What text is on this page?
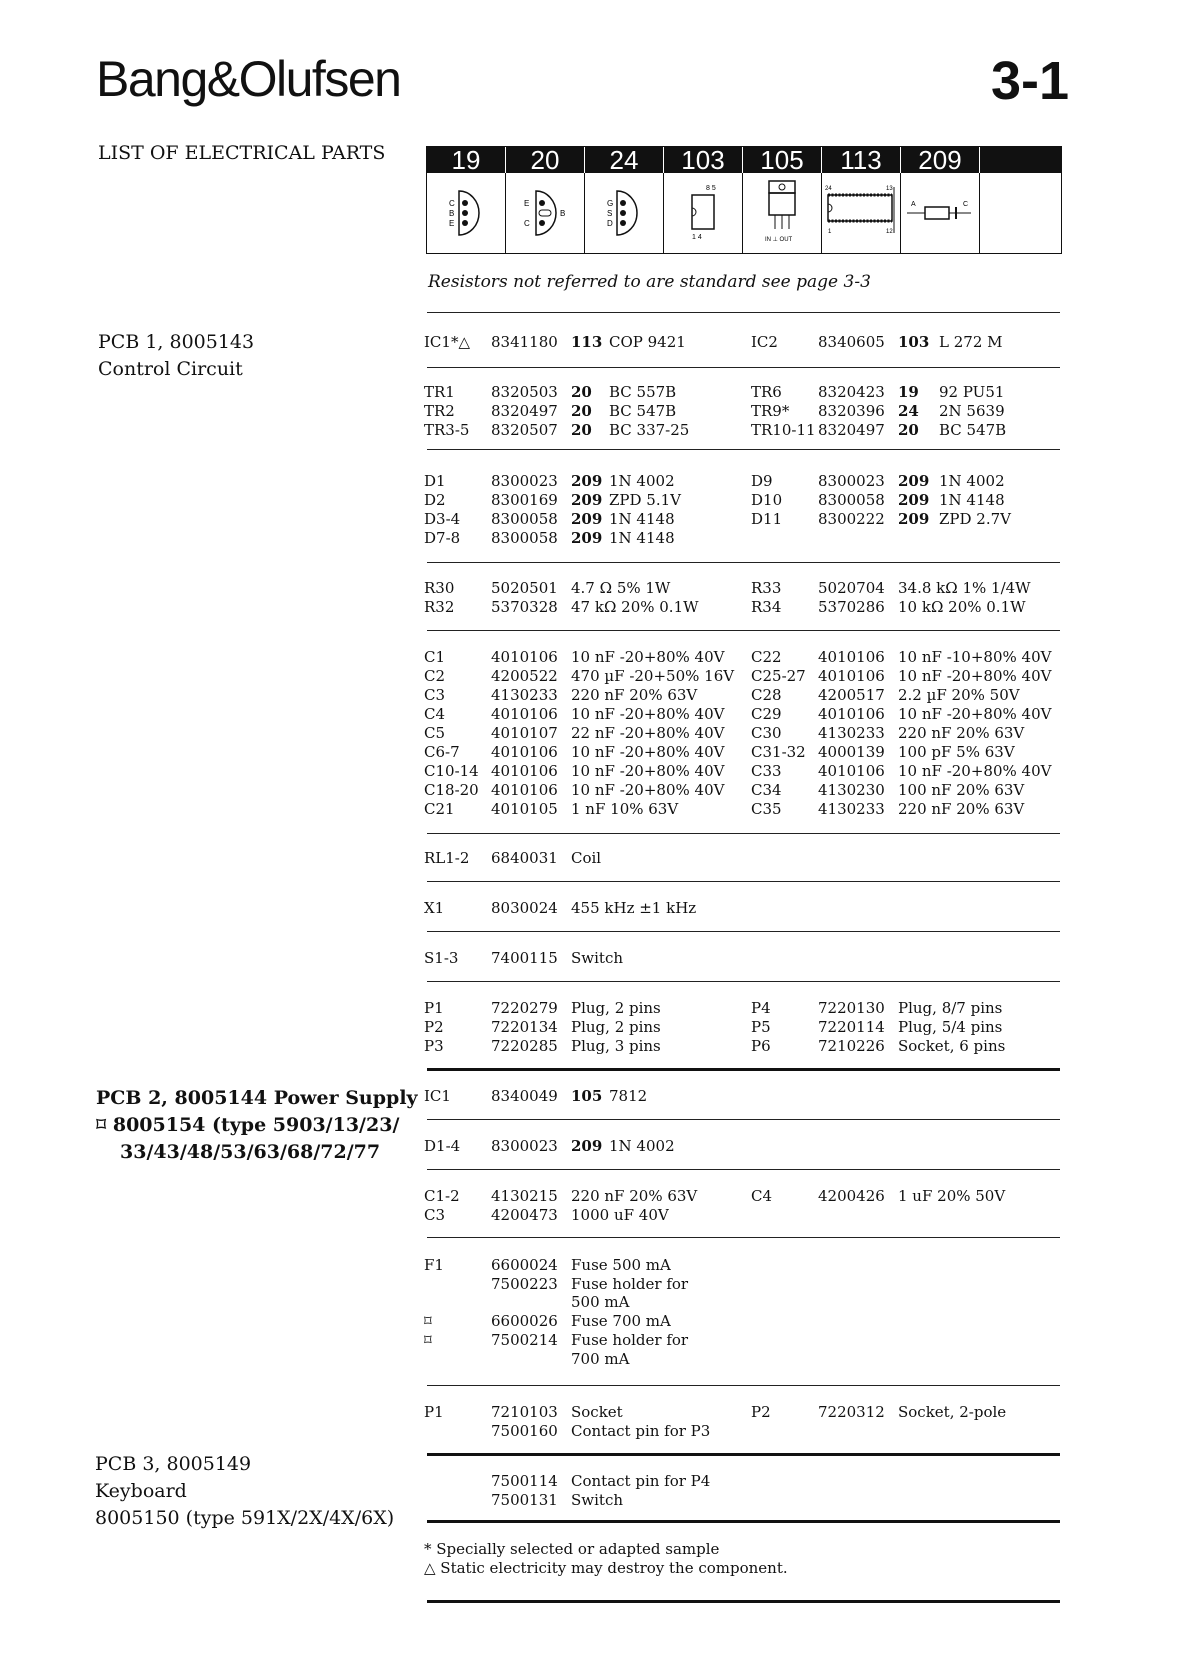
Bang&Olufsen	3-1
LIST OF ELECTRICAL PARTS	19	20	24	103	105	113	209
C
B
E
E
C
B
G
S
D
8 5
1 4	IN ⊥ OUT
24	13
1	12
A	C
Resistors not referred to are standard see page 3-3
PCB 1, 8005143
Control Circuit
PCB 2, 8005144 Power Supply
⌑ 8005154 (type 5903/13/23/
33/43/48/53/63/68/72/77
PCB 3, 8005149
Keyboard
8005150 (type 591X/2X/4X/6X)
IC1*△ 8341180 113 COP 9421	IC2	8340605 103 L 272 M
TR1 8320503 20 BC 557B	TR6 8320423 19 92 PU51
TR2 8320497 20 BC 547B	TR9* 8320396 24 2N 5639
TR3-5 8320507 20 BC 337-25	TR10-11 8320497 20 BC 547B
D1	8300023 209 1N 4002	D9	8300023 209 1N 4002
D2	8300169 209 ZPD 5.1V	D10 8300058 209 1N 4148
D3-4 8300058 209 1N 4148	D11 8300222 209 ZPD 2.7V
D7-8 8300058 209 1N 4148
R30 5020501 4.7 Ω 5% 1W	R33 5020704 34.8 kΩ 1% 1/4W
R32 5370328 47 kΩ 20% 0.1W	R34 5370286 10 kΩ 20% 0.1W
C1	4010106 10 nF -20+80% 40V C22 4010106 10 nF -10+80% 40V
C2	4200522 470 µF -20+50% 16V C25-27 4010106 10 nF -20+80% 40V
C3	4130233 220 nF 20% 63V	C28 4200517 2.2 µF 20% 50V
C4	4010106 10 nF -20+80% 40V C29 4010106 10 nF -20+80% 40V
C5	4010107 22 nF -20+80% 40V C30 4130233 220 nF 20% 63V
C6-7 4010106 10 nF -20+80% 40V C31-32 4000139 100 pF 5% 63V
C10-14 4010106 10 nF -20+80% 40V C33 4010106 10 nF -20+80% 40V
C18-20 4010106 10 nF -20+80% 40V C34 4130230 100 nF 20% 63V
C21 4010105 1 nF 10% 63V	C35 4130233 220 nF 20% 63V
RL1-2 6840031 Coil
X1	8030024 455 kHz ±1 kHz
S1-3 7400115 Switch
P1	7220279 Plug, 2 pins	P4	7220130 Plug, 8/7 pins
P2	7220134 Plug, 2 pins	P5	7220114 Plug, 5/4 pins
P3	7220285 Plug, 3 pins	P6	7210226 Socket, 6 pins
IC1	8340049 105 7812
D1-4 8300023 209 1N 4002
C1-2 4130215 220 nF 20% 63V	C4	4200426 1 uF 20% 50V
C3	4200473 1000 uF 40V
F1	6600024 Fuse 500 mA
7500223 Fuse holder for
500 mA
⌑	6600026 Fuse 700 mA
⌑	7500214 Fuse holder for
700 mA
P1	7210103 Socket	P2	7220312 Socket, 2-pole
7500160 Contact pin for P3
7500114 Contact pin for P4
7500131 Switch
* Specially selected or adapted sample
△ Static electricity may destroy the component.
